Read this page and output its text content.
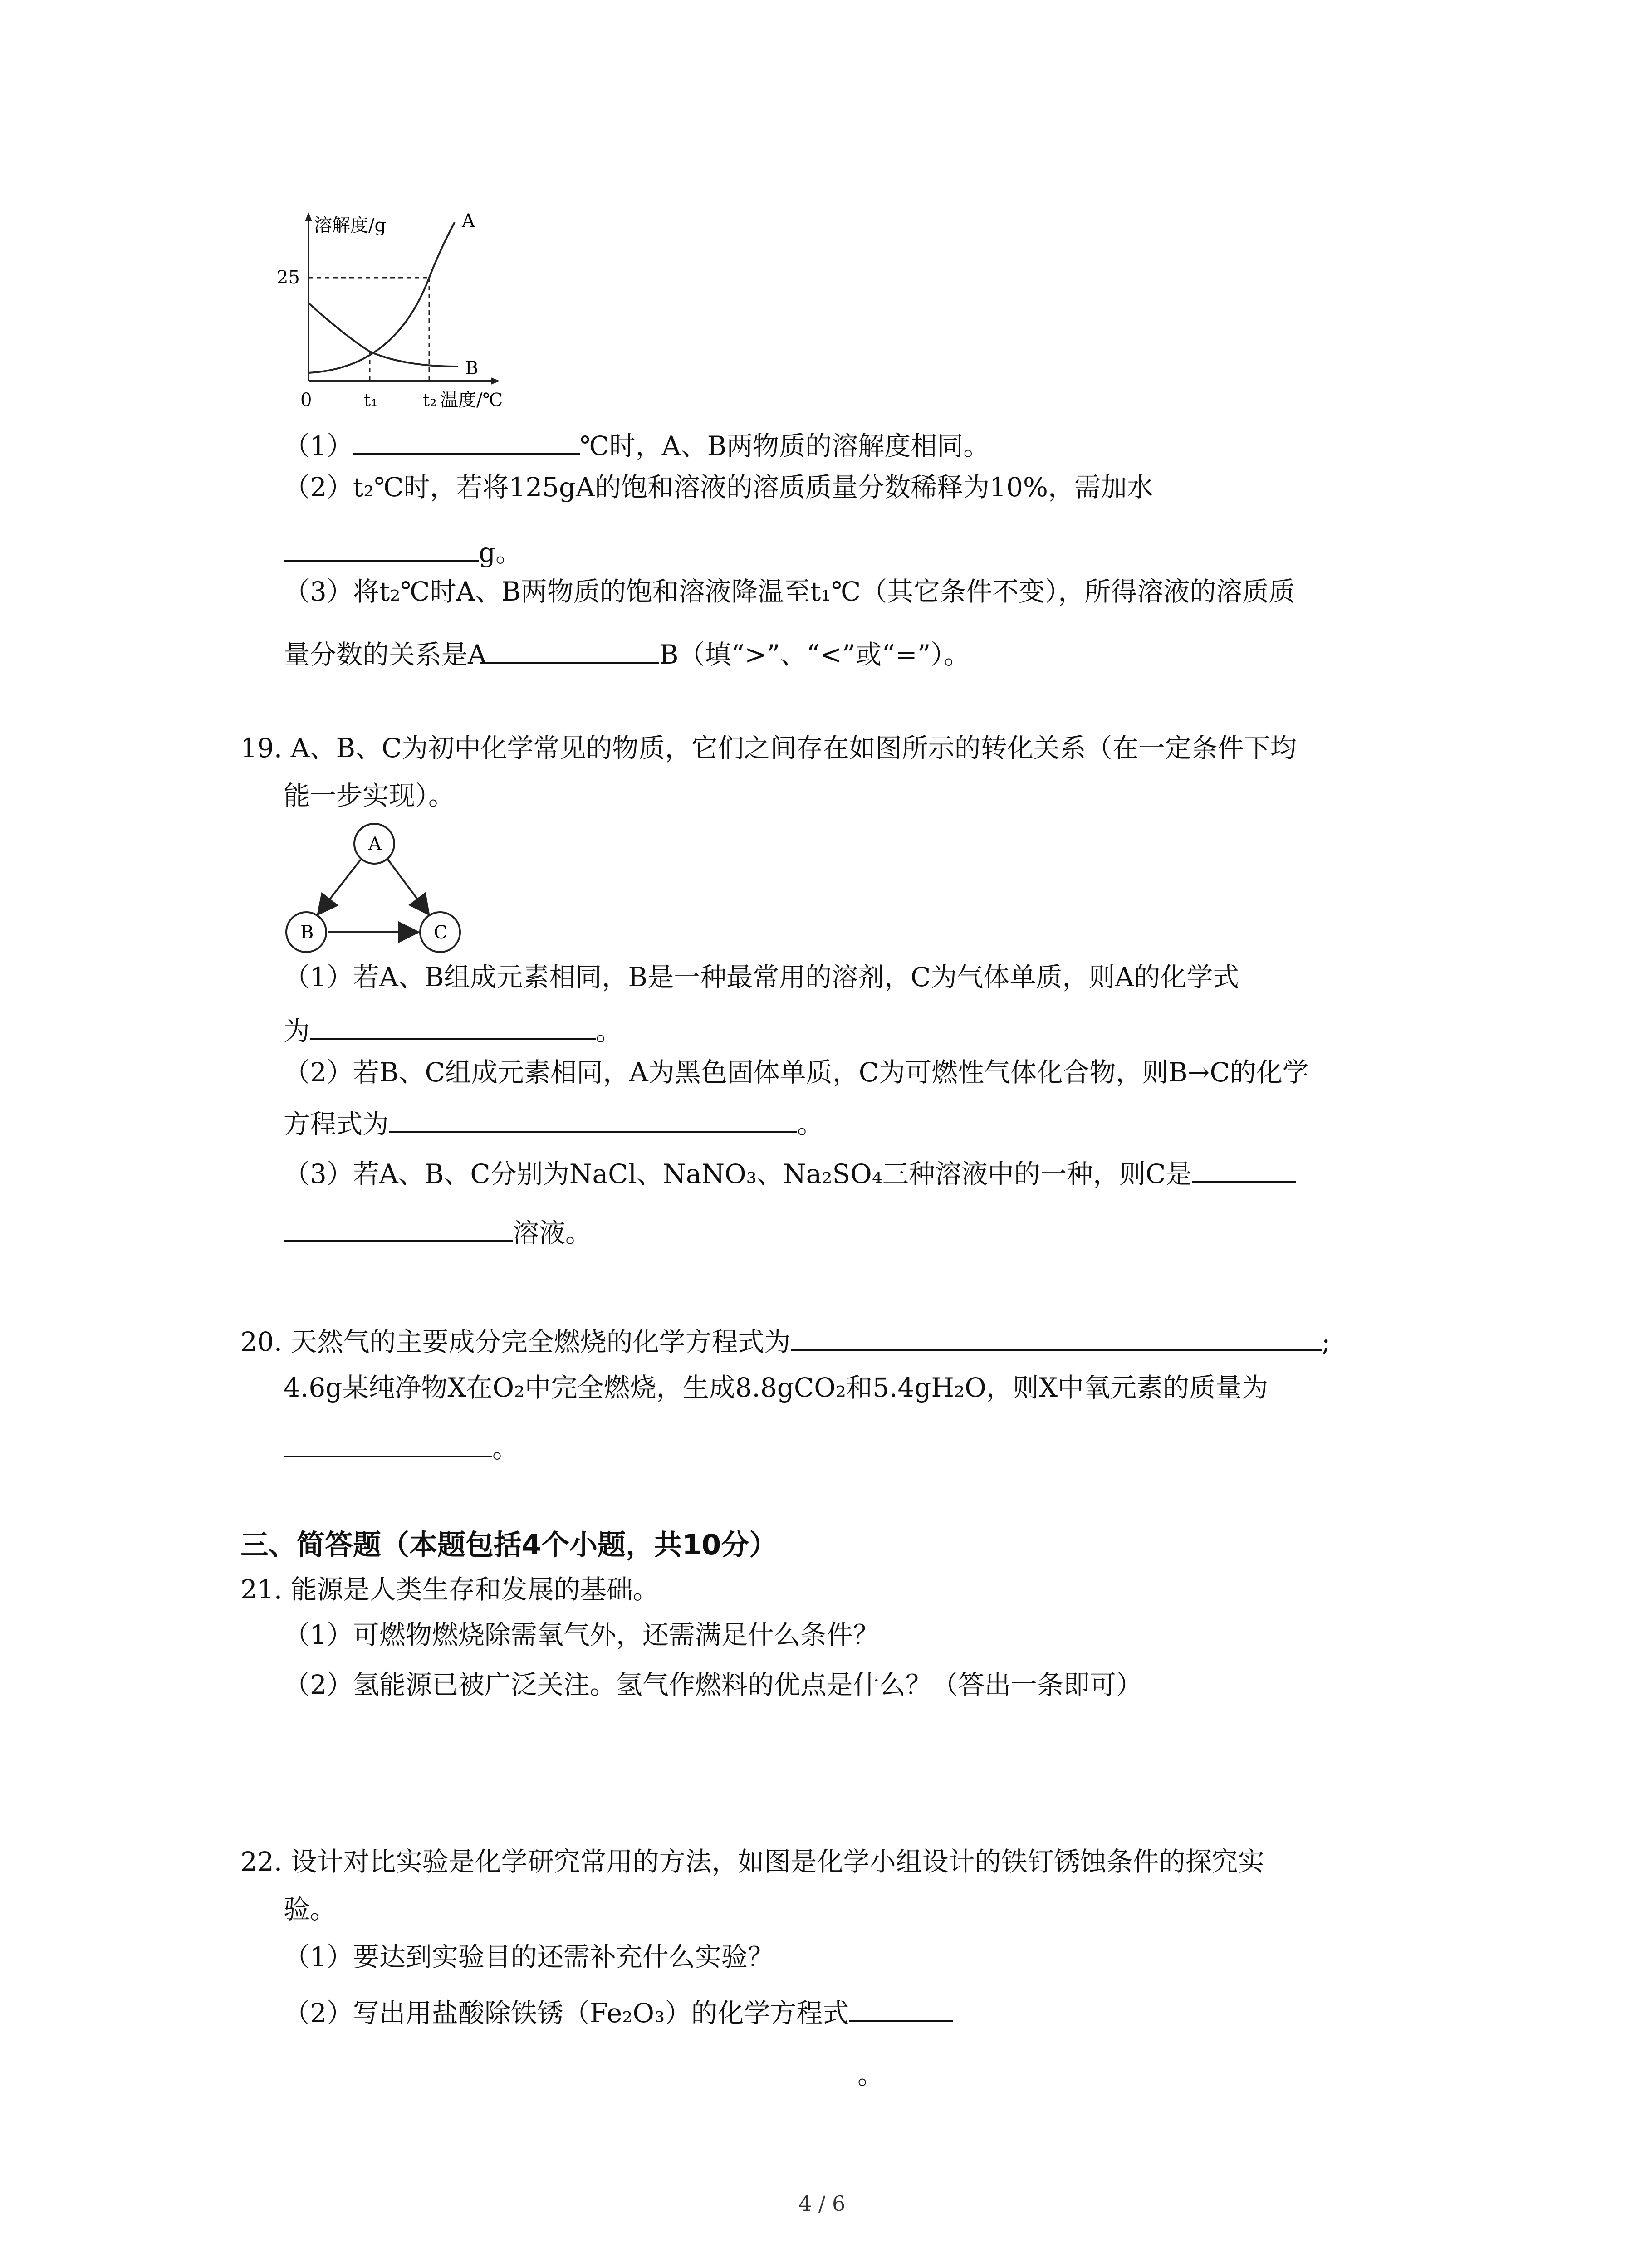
溶解度/g
25
0	t₁	t₂ 温度/℃
A
B
（1）	℃时，A、B两物质的溶解度相同。
（2）t₂℃时，若将125gA的饱和溶液的溶质质量分数稀释为10%，需加水
g。
（3）将t₂℃时A、B两物质的饱和溶液降温至t₁℃（其它条件不变），所得溶液的溶质质
量分数的关系是A	B（填“>”、“<”或“=”）。
19. A、B、C为初中化学常见的物质，它们之间存在如图所示的转化关系（在一定条件下均
能一步实现）。
A
B	C
（1）若A、B组成元素相同，B是一种最常用的溶剂，C为气体单质，则A的化学式
为	。
（2）若B、C组成元素相同，A为黑色固体单质，C为可燃性气体化合物，则B→C的化学
方程式为	。
（3）若A、B、C分别为NaCl、NaNO₃、Na₂SO₄三种溶液中的一种，则C是
溶液。
20. 天然气的主要成分完全燃烧的化学方程式为	;
4.6g某纯净物X在O₂中完全燃烧，生成8.8gCO₂和5.4gH₂O，则X中氧元素的质量为
。
三、简答题（本题包括4个小题，共10分）
21. 能源是人类生存和发展的基础。
（1）可燃物燃烧除需氧气外，还需满足什么条件？
（2）氢能源已被广泛关注。氢气作燃料的优点是什么？（答出一条即可）
22. 设计对比实验是化学研究常用的方法，如图是化学小组设计的铁钉锈蚀条件的探究实
验。
（1）要达到实验目的还需补充什么实验？
（2）写出用盐酸除铁锈（Fe₂O₃）的化学方程式
。
4 / 6
